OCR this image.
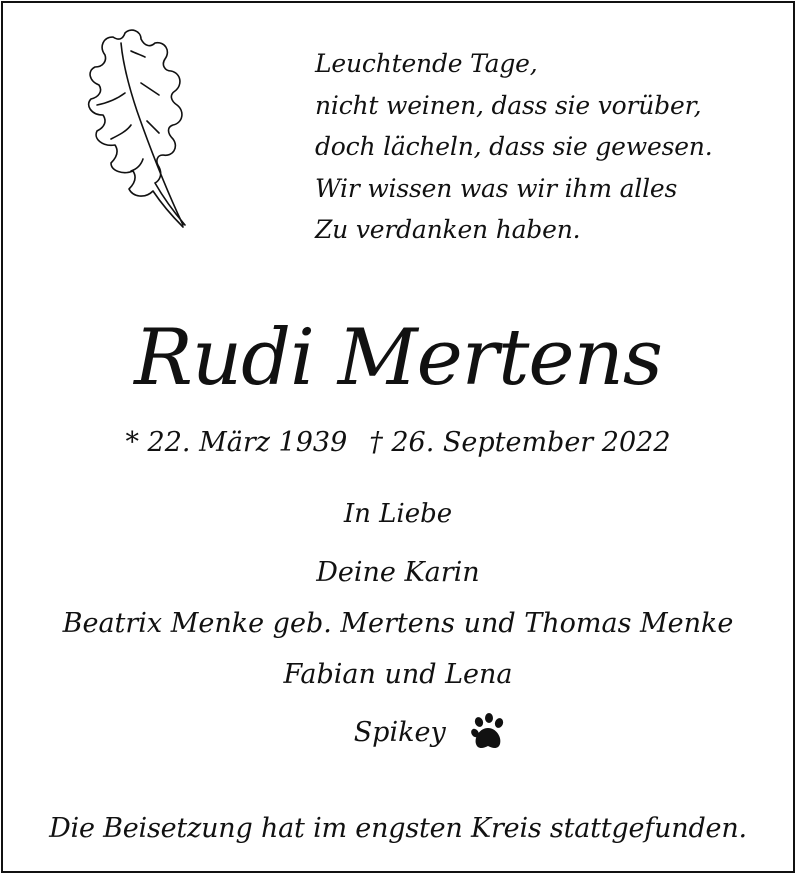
Leuchtende Tage,
nicht weinen, dass sie vorüber,
doch lächeln, dass sie gewesen.
Wir wissen was wir ihm alles
Zu verdanken haben.
Rudi Mertens
* 22. März 1939 † 26. September 2022
In Liebe
Deine Karin
Beatrix Menke geb. Mertens und Thomas Menke
Fabian und Lena
Spikey
Die Beisetzung hat im engsten Kreis stattgefunden.
